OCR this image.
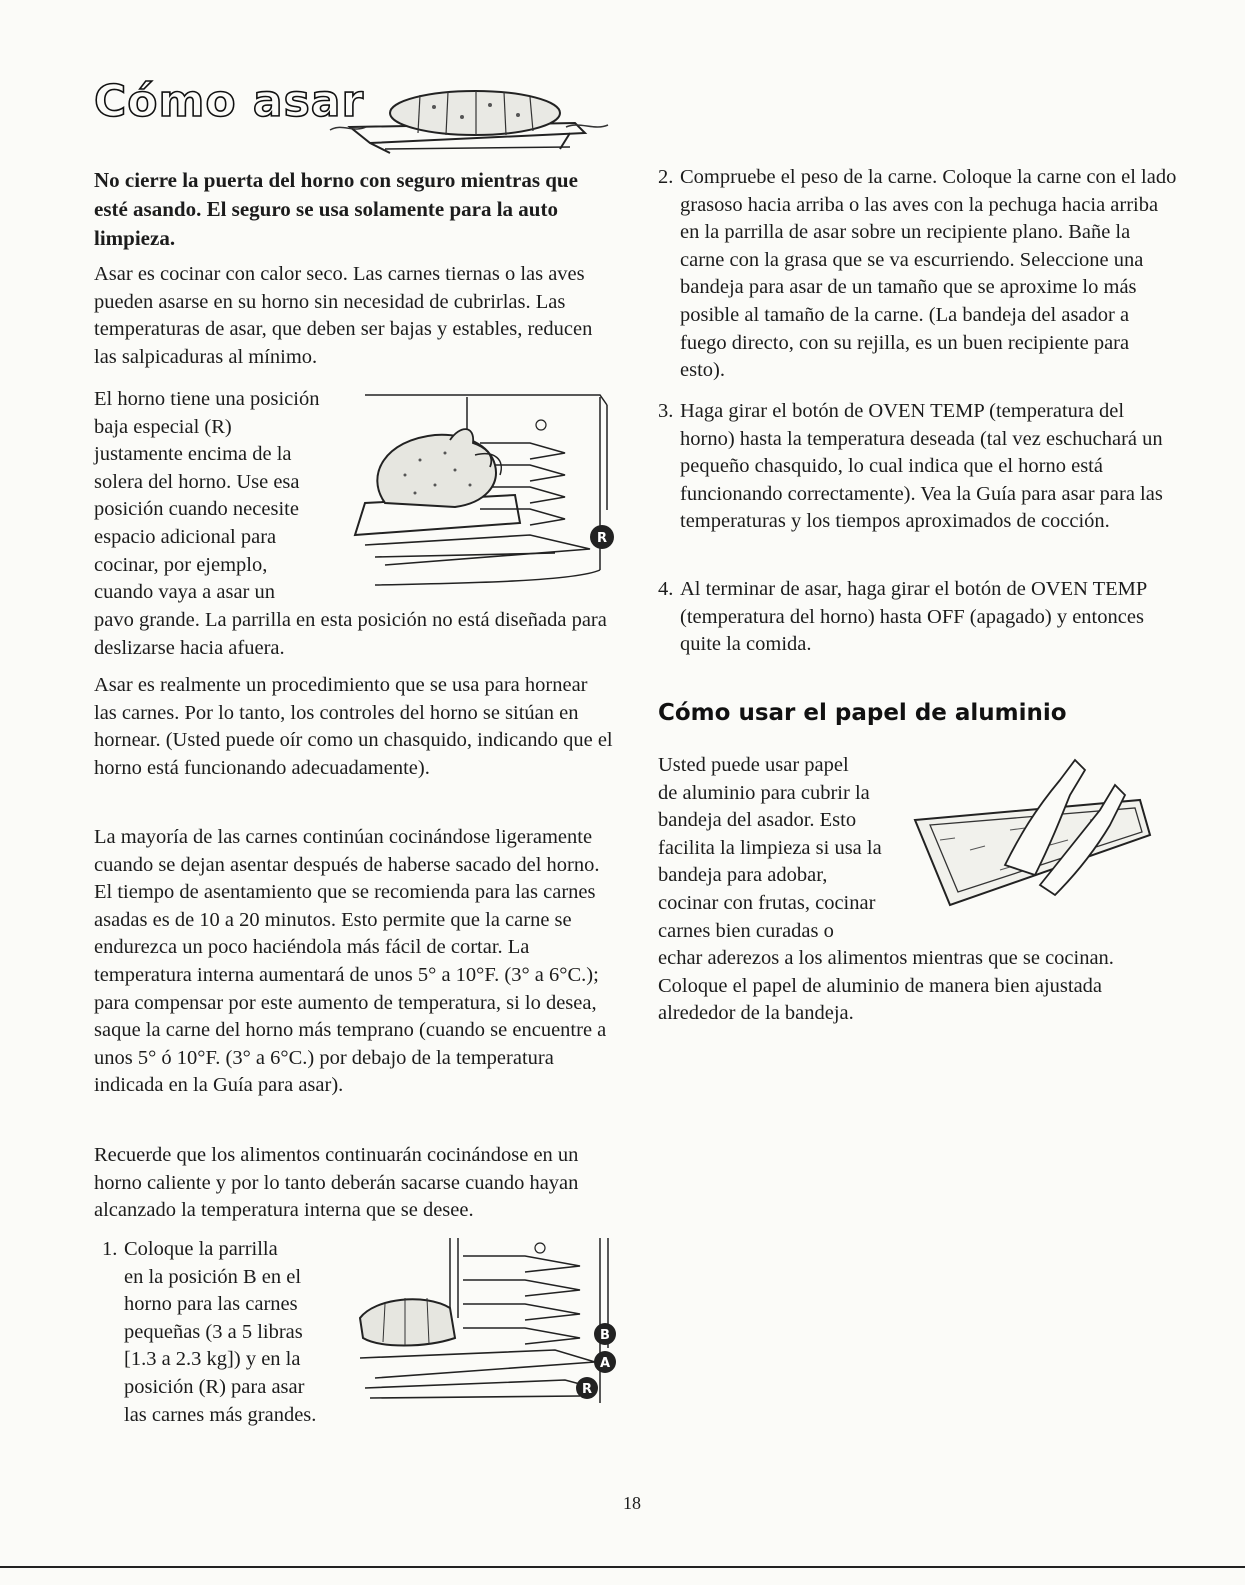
Cómo asar

No cierre la puerta del horno con seguro mientras que esté asando. El seguro se usa solamente para la auto limpieza.

Asar es cocinar con calor seco. Las carnes tiernas o las aves pueden asarse en su horno sin necesidad de cubrirlas. Las temperaturas de asar, que deben ser bajas y estables, reducen las salpicaduras al mínimo.

El horno tiene una posición
baja especial (R)
justamente encima de la
solera del horno. Use esa
posición cuando necesite
espacio adicional para
cocinar, por ejemplo,
cuando vaya a asar un

pavo grande. La parrilla en esta posición no está diseñada para deslizarse hacia afuera.

R

Asar es realmente un procedimiento que se usa para hornear las carnes. Por lo tanto, los controles del horno se sitúan en hornear. (Usted puede oír como un chasquido, indicando que el horno está funcionando adecuadamente).

La mayoría de las carnes continúan cocinándose ligeramente cuando se dejan asentar después de haberse sacado del horno. El tiempo de asentamiento que se recomienda para las carnes asadas es de 10 a 20 minutos. Esto permite que la carne se endurezca un poco haciéndola más fácil de cortar. La temperatura interna aumentará de unos 5° a 10°F. (3° a 6°C.); para compensar por este aumento de temperatura, si lo desea, saque la carne del horno más temprano (cuando se encuentre a unos 5° ó 10°F. (3° a 6°C.) por debajo de la temperatura indicada en la Guía para asar).

Recuerde que los alimentos continuarán cocinándose en un horno caliente y por lo tanto deberán sacarse cuando hayan alcanzado la temperatura interna que se desee.

1. Coloque la parrilla
en la posición B en el
horno para las carnes
pequeñas (3 a 5 libras
[1.3 a 2.3 kg]) y en la
posición (R) para asar
las carnes más grandes.
B
A
R
2. Compruebe el peso de la carne. Coloque la carne con el lado grasoso hacia arriba o las aves con la pechuga hacia arriba en la parrilla de asar sobre un recipiente plano. Bañe la carne con la grasa que se va escurriendo. Seleccione una bandeja para asar de un tamaño que se aproxime lo más posible al tamaño de la carne. (La bandeja del asador a fuego directo, con su rejilla, es un buen recipiente para esto).
3. Haga girar el botón de OVEN TEMP (temperatura del horno) hasta la temperatura deseada (tal vez eschuchará un pequeño chasquido, lo cual indica que el horno está funcionando correctamente). Vea la Guía para asar para las temperaturas y los tiempos aproximados de cocción.
4. Al terminar de asar, haga girar el botón de OVEN TEMP (temperatura del horno) hasta OFF (apagado) y entonces quite la comida.
Cómo usar el papel de aluminio
Usted puede usar papel
de aluminio para cubrir la
bandeja del asador. Esto
facilita la limpieza si usa la
bandeja para adobar,
cocinar con frutas, cocinar
carnes bien curadas o

echar aderezos a los alimentos mientras que se cocinan. Coloque el papel de aluminio de manera bien ajustada alrededor de la bandeja.

18
